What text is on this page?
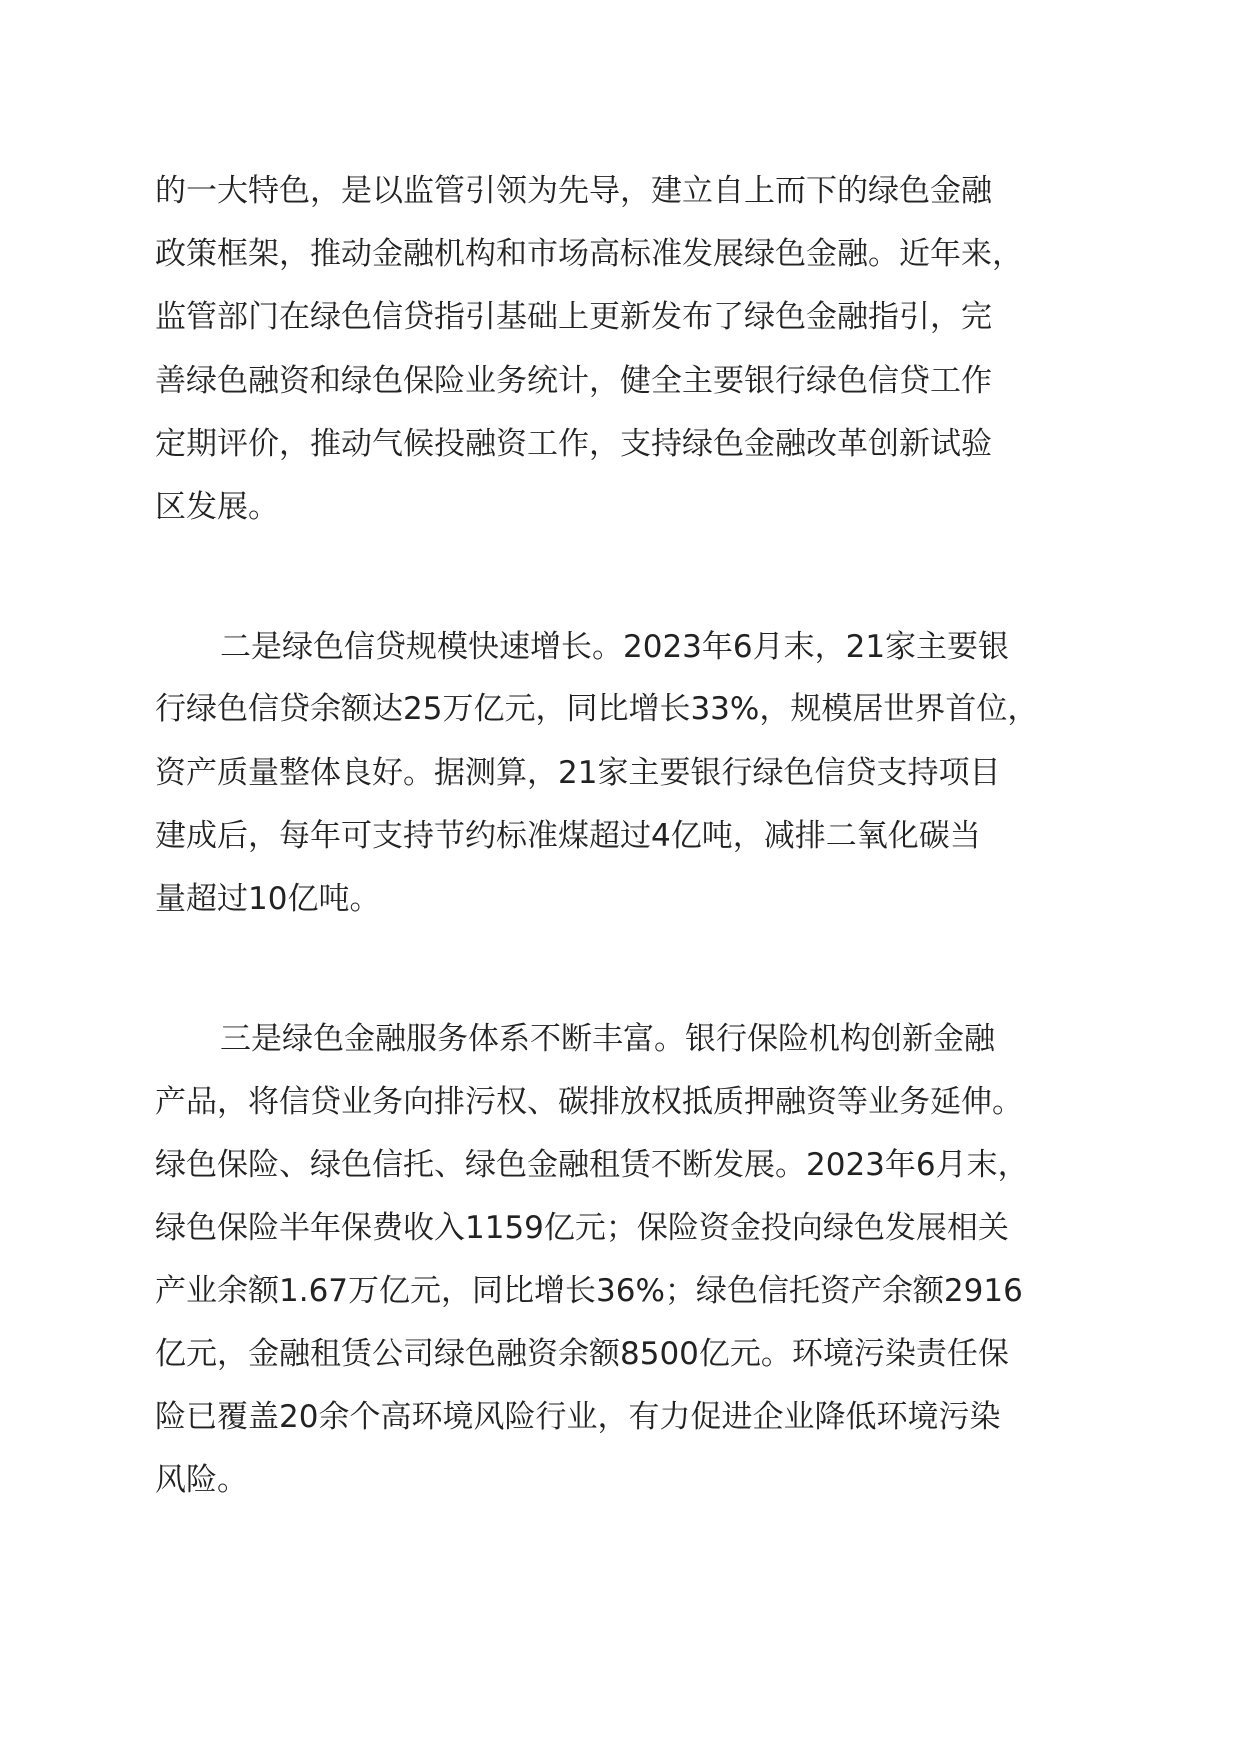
的一大特色，是以监管引领为先导，建立自上而下的绿色金融
政策框架，推动金融机构和市场高标准发展绿色金融。近年来，
监管部门在绿色信贷指引基础上更新发布了绿色金融指引，完
善绿色融资和绿色保险业务统计，健全主要银行绿色信贷工作
定期评价，推动气候投融资工作，支持绿色金融改革创新试验
区发展。
二是绿色信贷规模快速增长。2023年6月末，21家主要银
行绿色信贷余额达25万亿元，同比增长33%，规模居世界首位，
资产质量整体良好。据测算，21家主要银行绿色信贷支持项目
建成后，每年可支持节约标准煤超过4亿吨，减排二氧化碳当
量超过10亿吨。
三是绿色金融服务体系不断丰富。银行保险机构创新金融
产品，将信贷业务向排污权、碳排放权抵质押融资等业务延伸。
绿色保险、绿色信托、绿色金融租赁不断发展。2023年6月末，
绿色保险半年保费收入1159亿元；保险资金投向绿色发展相关
产业余额1.67万亿元，同比增长36%；绿色信托资产余额2916
亿元，金融租赁公司绿色融资余额8500亿元。环境污染责任保
险已覆盖20余个高环境风险行业，有力促进企业降低环境污染
风险。
